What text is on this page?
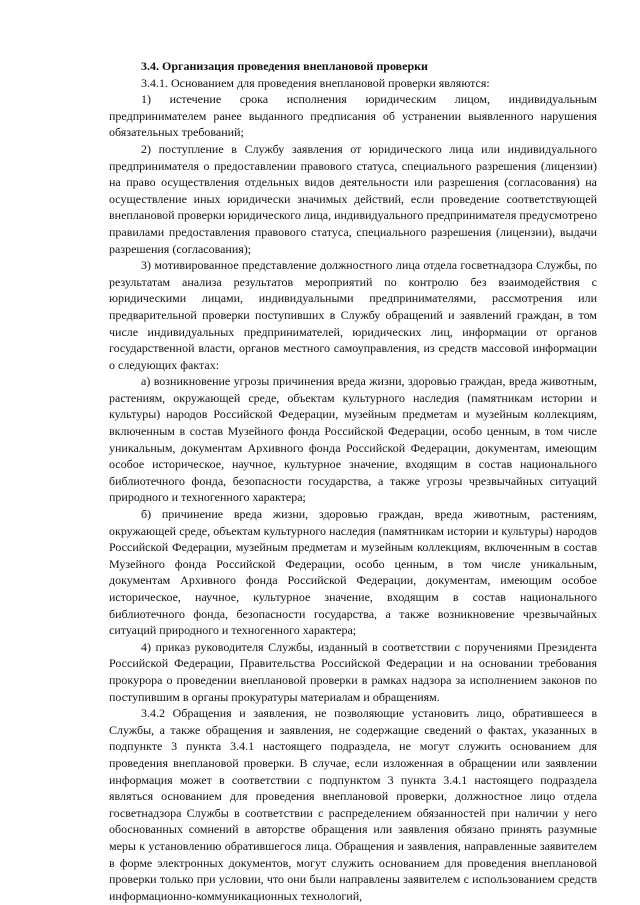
3.4. Организация проведения внеплановой проверки

3.4.1. Основанием для проведения внеплановой проверки являются:

1) истечение срока исполнения юридическим лицом, индивидуальным предпринимателем ранее выданного предписания об устранении выявленного нарушения обязательных требований;

2) поступление в Службу заявления от юридического лица или индивидуального предпринимателя о предоставлении правового статуса, специального разрешения (лицензии) на право осуществления отдельных видов деятельности или разрешения (согласования) на осуществление иных юридически значимых действий, если проведение соответствующей внеплановой проверки юридического лица, индивидуального предпринимателя предусмотрено правилами предоставления правового статуса, специального разрешения (лицензии), выдачи разрешения (согласования);

3) мотивированное представление должностного лица отдела госветнадзора Службы, по результатам анализа результатов мероприятий по контролю без взаимодействия с юридическими лицами, индивидуальными предпринимателями, рассмотрения или предварительной проверки поступивших в Службу обращений и заявлений граждан, в том числе индивидуальных предпринимателей, юридических лиц, информации от органов государственной власти, органов местного самоуправления, из средств массовой информации о следующих фактах:

а) возникновение угрозы причинения вреда жизни, здоровью граждан, вреда животным, растениям, окружающей среде, объектам культурного наследия (памятникам истории и культуры) народов Российской Федерации, музейным предметам и музейным коллекциям, включенным в состав Музейного фонда Российской Федерации, особо ценным, в том числе уникальным, документам Архивного фонда Российской Федерации, документам, имеющим особое историческое, научное, культурное значение, входящим в состав национального библиотечного фонда, безопасности государства, а также угрозы чрезвычайных ситуаций природного и техногенного характера;

б) причинение вреда жизни, здоровью граждан, вреда животным, растениям, окружающей среде, объектам культурного наследия (памятникам истории и культуры) народов Российской Федерации, музейным предметам и музейным коллекциям, включенным в состав Музейного фонда Российской Федерации, особо ценным, в том числе уникальным, документам Архивного фонда Российской Федерации, документам, имеющим особое историческое, научное, культурное значение, входящим в состав национального библиотечного фонда, безопасности государства, а также возникновение чрезвычайных ситуаций природного и техногенного характера;

4) приказ руководителя Службы, изданный в соответствии с поручениями Президента Российской Федерации, Правительства Российской Федерации и на основании требования прокурора о проведении внеплановой проверки в рамках надзора за исполнением законов по поступившим в органы прокуратуры материалам и обращениям.

3.4.2 Обращения и заявления, не позволяющие установить лицо, обратившееся в Службы, а также обращения и заявления, не содержащие сведений о фактах, указанных в подпункте 3 пункта 3.4.1 настоящего подраздела, не могут служить основанием для проведения внеплановой проверки. В случае, если изложенная в обращении или заявлении информация может в соответствии с подпунктом 3 пункта 3.4.1 настоящего подраздела являться основанием для проведения внеплановой проверки, должностное лицо отдела госветнадзора Службы в соответствии с распределением обязанностей при наличии у него обоснованных сомнений в авторстве обращения или заявления обязано принять разумные меры к установлению обратившегося лица. Обращения и заявления, направленные заявителем в форме электронных документов, могут служить основанием для проведения внеплановой проверки только при условии, что они были направлены заявителем с использованием средств информационно-коммуникационных технологий,
